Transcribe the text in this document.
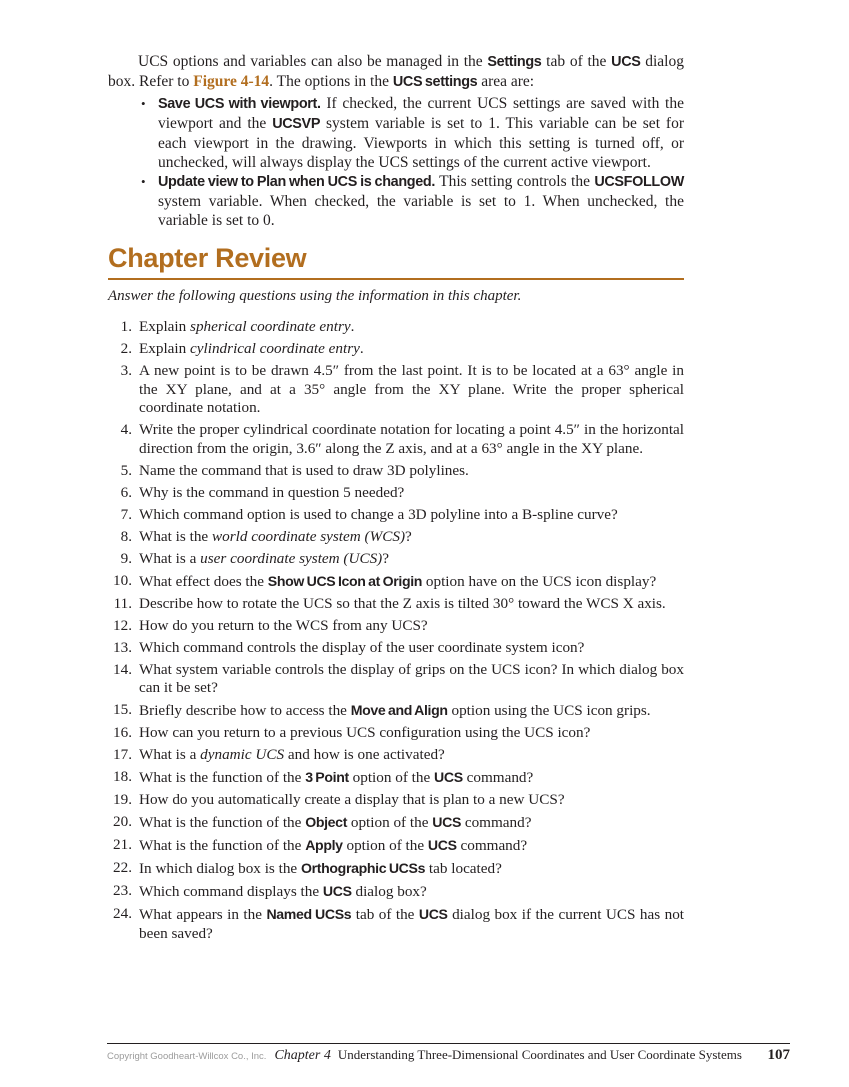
UCS options and variables can also be managed in the Settings tab of the UCS dialog box. Refer to Figure 4-14. The options in the UCS settings area are:

• Save UCS with viewport. If checked, the current UCS settings are saved with the viewport and the UCSVP system variable is set to 1. This variable can be set for each viewport in the drawing. Viewports in which this setting is turned off, or unchecked, will always display the UCS settings of the current active viewport.
• Update view to Plan when UCS is changed. This setting controls the UCSFOLLOW system variable. When checked, the variable is set to 1. When unchecked, the variable is set to 0.
Chapter Review

Answer the following questions using the information in this chapter.

1. Explain spherical coordinate entry.
2. Explain cylindrical coordinate entry.
3. A new point is to be drawn 4.5″ from the last point. It is to be located at a 63° angle in the XY plane, and at a 35° angle from the XY plane. Write the proper spherical coordinate notation.
4. Write the proper cylindrical coordinate notation for locating a point 4.5″ in the horizontal direction from the origin, 3.6″ along the Z axis, and at a 63° angle in the XY plane.
5. Name the command that is used to draw 3D polylines.
6. Why is the command in question 5 needed?
7. Which command option is used to change a 3D polyline into a B-spline curve?
8. What is the world coordinate system (WCS)?
9. What is a user coordinate system (UCS)?
10. What effect does the Show UCS Icon at Origin option have on the UCS icon display?
11. Describe how to rotate the UCS so that the Z axis is tilted 30° toward the WCS X axis.
12. How do you return to the WCS from any UCS?
13. Which command controls the display of the user coordinate system icon?
14. What system variable controls the display of grips on the UCS icon? In which dialog box can it be set?
15. Briefly describe how to access the Move and Align option using the UCS icon grips.
16. How can you return to a previous UCS configuration using the UCS icon?
17. What is a dynamic UCS and how is one activated?
18. What is the function of the 3 Point option of the UCS command?
19. How do you automatically create a display that is plan to a new UCS?
20. What is the function of the Object option of the UCS command?
21. What is the function of the Apply option of the UCS command?
22. In which dialog box is the Orthographic UCSs tab located?
23. Which command displays the UCS dialog box?
24. What appears in the Named UCSs tab of the UCS dialog box if the current UCS has not been saved?
Copyright Goodheart-Willcox Co., Inc. Chapter 4 Understanding Three-Dimensional Coordinates and User Coordinate Systems 107
